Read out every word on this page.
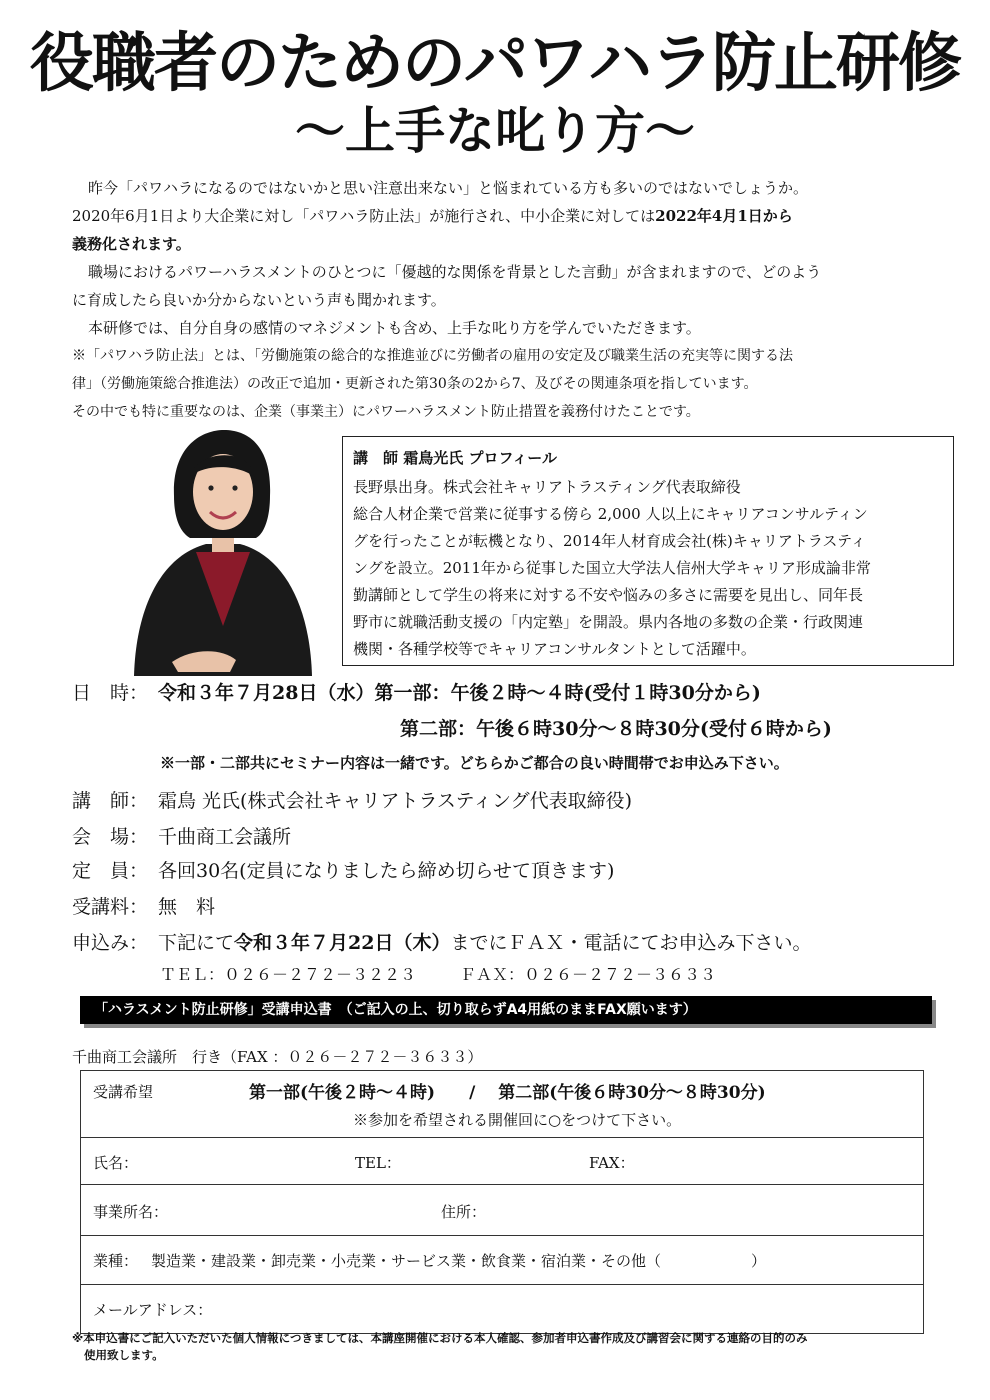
役職者のためのパワハラ防止研修
～上手な叱り方～

昨今「パワハラになるのではないかと思い注意出来ない」と悩まれている方も多いのではないでしょうか。

2020年6月1日より大企業に対し「パワハラ防止法」が施行され、中小企業に対しては2022年4月1日から

義務化されます。

職場におけるパワーハラスメントのひとつに「優越的な関係を背景とした言動」が含まれますので、どのよう

に育成したら良いか分からないという声も聞かれます。

本研修では、自分自身の感情のマネジメントも含め、上手な叱り方を学んでいただきます。

※「パワハラ防止法」とは、「労働施策の総合的な推進並びに労働者の雇用の安定及び職業生活の充実等に関する法

律」（労働施策総合推進法）の改正で追加・更新された第30条の2から7、及びその関連条項を指しています。

その中でも特に重要なのは、企業（事業主）にパワーハラスメント防止措置を義務付けたことです。

講　師 霜鳥光氏 プロフィール

長野県出身。株式会社キャリアトラスティング代表取締役

総合人材企業で営業に従事する傍ら 2,000 人以上にキャリアコンサルティン

グを行ったことが転機となり、2014年人材育成会社(株)キャリアトラスティ

ングを設立。2011年から従事した国立大学法人信州大学キャリア形成論非常

勤講師として学生の将来に対する不安や悩みの多さに需要を見出し、同年長

野市に就職活動支援の「内定塾」を開設。県内各地の多数の企業・行政関連

機関・各種学校等でキャリアコンサルタントとして活躍中。

日　時： 令和３年７月28日（水）第一部：午後２時～４時(受付１時30分から)
第二部：午後６時30分～８時30分(受付６時から)
※一部・二部共にセミナー内容は一緒です。どちらかご都合の良い時間帯でお申込み下さい。
講　師： 霜鳥 光氏(株式会社キャリアトラスティング代表取締役)
会　場： 千曲商工会議所
定　員： 各回30名(定員になりましたら締め切らせて頂きます)
受講料： 無　料
申込み： 下記にて令和３年７月22日（木）までにＦＡＸ・電話にてお申込み下さい。
ＴＥＬ：０２６－２７２－３２２３	ＦＡＸ：０２６－２７２－３６３３
「ハラスメント防止研修」受講申込書　（ご記入の上、切り取らずA4用紙のままFAX願います）
千曲商工会議所　行き（FAX ：０２６－２７２－３６３３）
受講希望	第一部(午後２時～４時)　　/　 第二部(午後６時30分～８時30分)
※参加を希望される開催回に○をつけて下さい。
氏名：	TEL：	FAX：
事業所名：	住所：
業種： 製造業・建設業・卸売業・小売業・サービス業・飲食業・宿泊業・その他（　　　　　　）
メールアドレス：
※本申込書にご記入いただいた個人情報につきましては、本講座開催における本人確認、参加者申込書作成及び講習会に関する連絡の目的のみ
使用致します。
